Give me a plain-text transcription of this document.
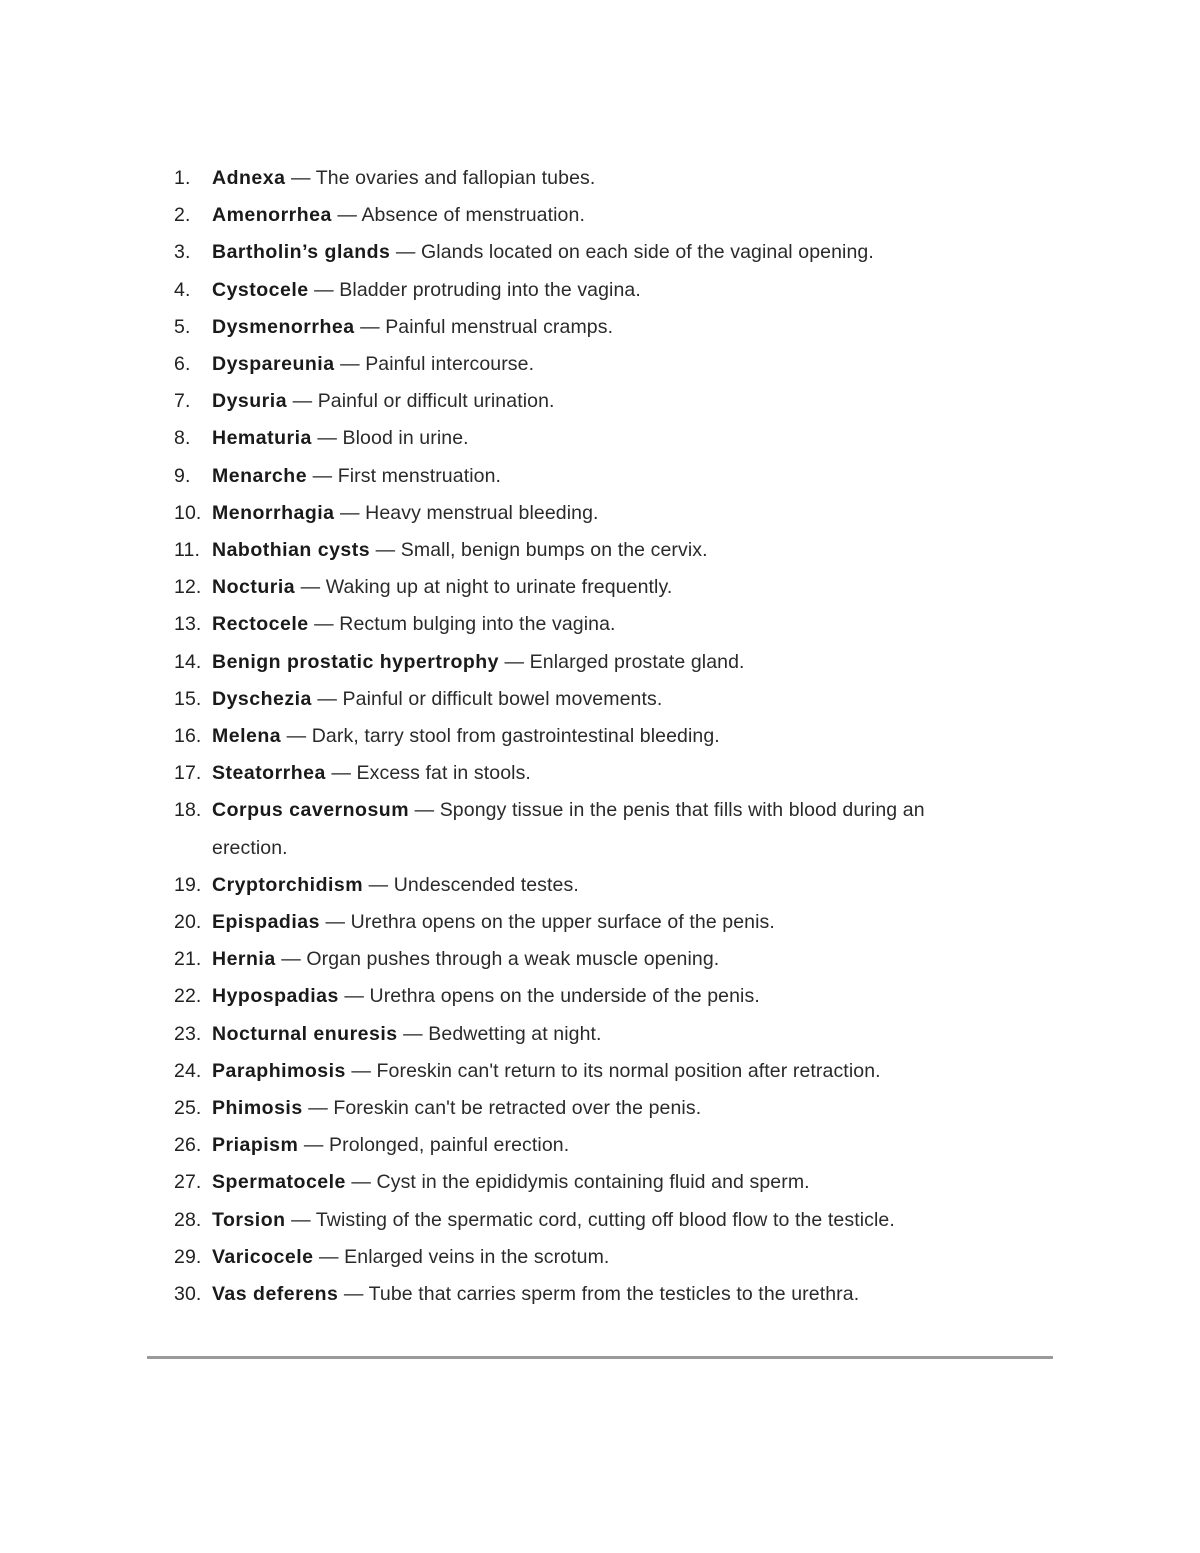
1.	Adnexa — The ovaries and fallopian tubes.
2.	Amenorrhea — Absence of menstruation.
3.	Bartholin’s glands — Glands located on each side of the vaginal opening.
4.	Cystocele — Bladder protruding into the vagina.
5.	Dysmenorrhea — Painful menstrual cramps.
6.	Dyspareunia — Painful intercourse.
7.	Dysuria — Painful or difficult urination.
8.	Hematuria — Blood in urine.
9.	Menarche — First menstruation.
10. Menorrhagia — Heavy menstrual bleeding.
11. Nabothian cysts — Small, benign bumps on the cervix.
12. Nocturia — Waking up at night to urinate frequently.
13. Rectocele — Rectum bulging into the vagina.
14. Benign prostatic hypertrophy — Enlarged prostate gland.
15. Dyschezia — Painful or difficult bowel movements.
16. Melena — Dark, tarry stool from gastrointestinal bleeding.
17. Steatorrhea — Excess fat in stools.
18. Corpus cavernosum — Spongy tissue in the penis that fills with blood during an erection.
19. Cryptorchidism — Undescended testes.
20. Epispadias — Urethra opens on the upper surface of the penis.
21. Hernia — Organ pushes through a weak muscle opening.
22. Hypospadias — Urethra opens on the underside of the penis.
23. Nocturnal enuresis — Bedwetting at night.
24. Paraphimosis — Foreskin can't return to its normal position after retraction.
25. Phimosis — Foreskin can't be retracted over the penis.
26. Priapism — Prolonged, painful erection.
27. Spermatocele — Cyst in the epididymis containing fluid and sperm.
28. Torsion — Twisting of the spermatic cord, cutting off blood flow to the testicle.
29. Varicocele — Enlarged veins in the scrotum.
30. Vas deferens — Tube that carries sperm from the testicles to the urethra.
